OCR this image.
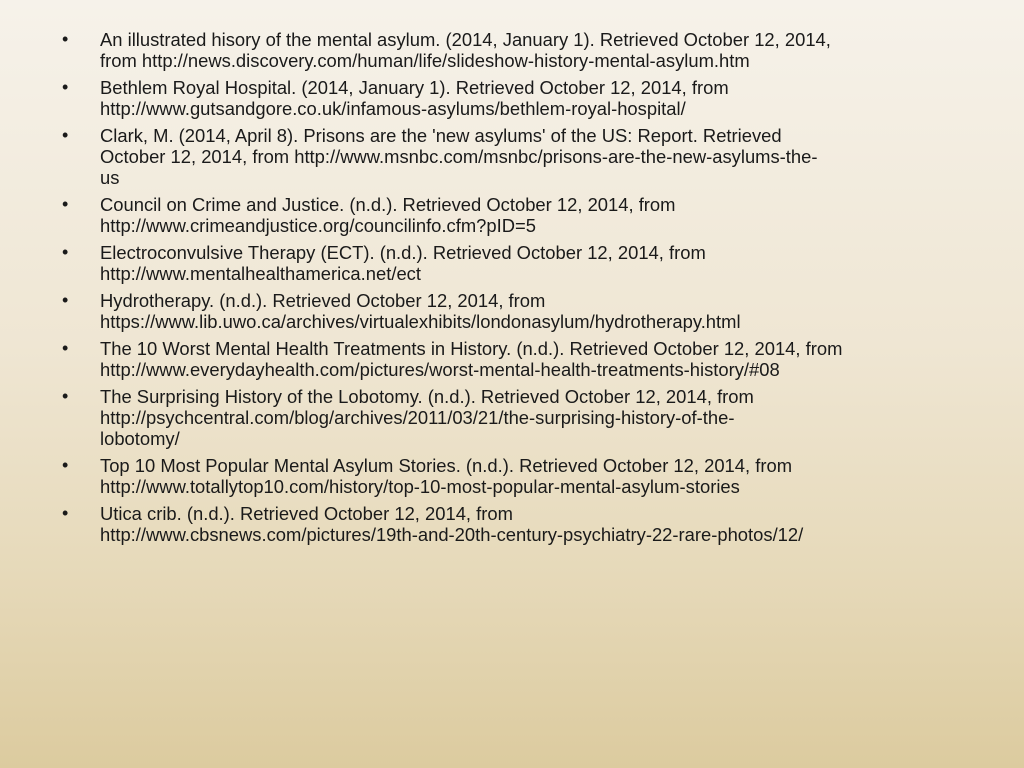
•	An illustrated hisory of the mental asylum. (2014, January 1). Retrieved October 12, 2014,
from http://news.discovery.com/human/life/slideshow-history-mental-asylum.htm
•	Bethlem Royal Hospital. (2014, January 1). Retrieved October 12, 2014, from
http://www.gutsandgore.co.uk/infamous-asylums/bethlem-royal-hospital/
•	Clark, M. (2014, April 8). Prisons are the 'new asylums' of the US: Report. Retrieved
October 12, 2014, from http://www.msnbc.com/msnbc/prisons-are-the-new-asylums-the-
us
•	Council on Crime and Justice. (n.d.). Retrieved October 12, 2014, from
http://www.crimeandjustice.org/councilinfo.cfm?pID=5
•	Electroconvulsive Therapy (ECT). (n.d.). Retrieved October 12, 2014, from
http://www.mentalhealthamerica.net/ect
•	Hydrotherapy. (n.d.). Retrieved October 12, 2014, from
https://www.lib.uwo.ca/archives/virtualexhibits/londonasylum/hydrotherapy.html
•	The 10 Worst Mental Health Treatments in History. (n.d.). Retrieved October 12, 2014, from
http://www.everydayhealth.com/pictures/worst-mental-health-treatments-history/#08
•	The Surprising History of the Lobotomy. (n.d.). Retrieved October 12, 2014, from
http://psychcentral.com/blog/archives/2011/03/21/the-surprising-history-of-the-
lobotomy/
•	Top 10 Most Popular Mental Asylum Stories. (n.d.). Retrieved October 12, 2014, from
http://www.totallytop10.com/history/top-10-most-popular-mental-asylum-stories
•	Utica crib. (n.d.). Retrieved October 12, 2014, from
http://www.cbsnews.com/pictures/19th-and-20th-century-psychiatry-22-rare-photos/12/
